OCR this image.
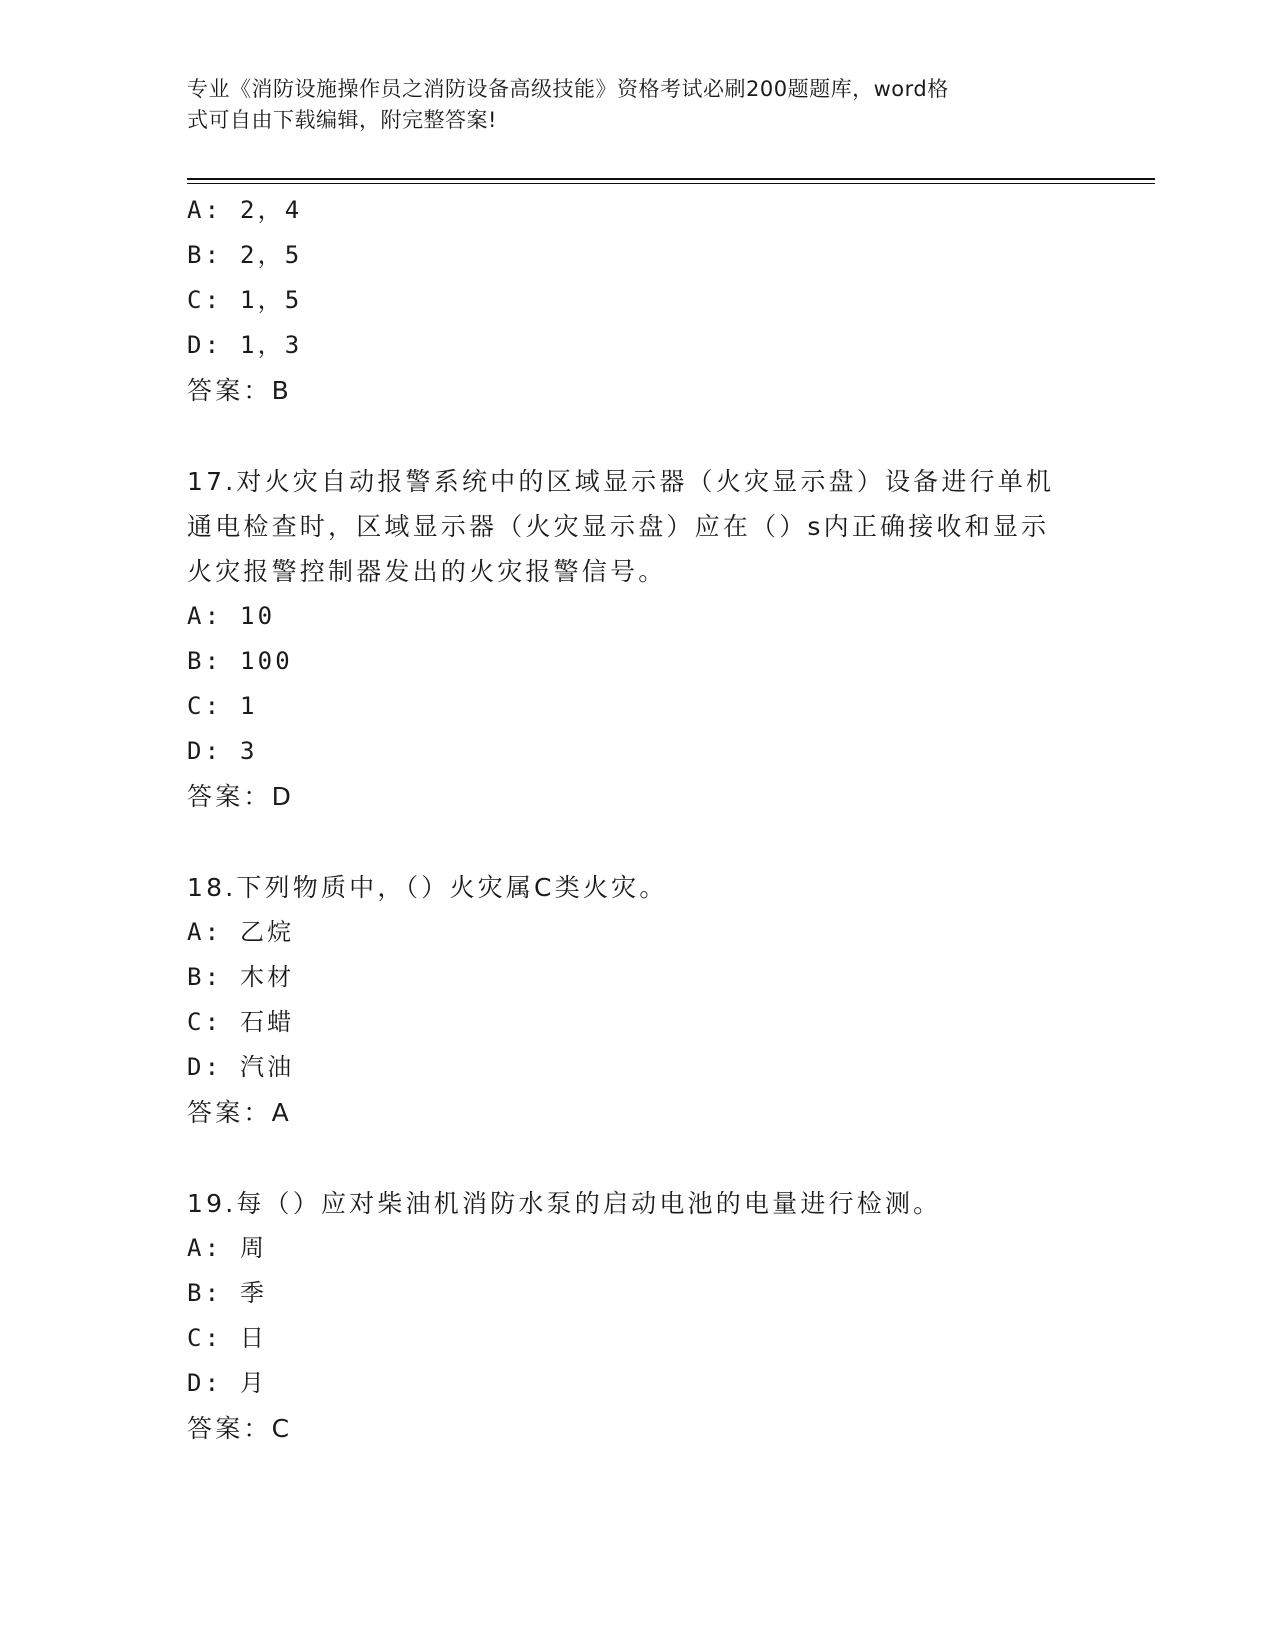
专业《消防设施操作员之消防设备高级技能》资格考试必刷200题题库，word格
式可自由下载编辑，附完整答案!
A: 2，4
B: 2，5
C: 1，5
D: 1，3
答案：B
17.对火灾自动报警系统中的区域显示器（火灾显示盘）设备进行单机
通电检查时，区域显示器（火灾显示盘）应在（）s内正确接收和显示
火灾报警控制器发出的火灾报警信号。
A: 10
B: 100
C: 1
D: 3
答案：D
18.下列物质中，（）火灾属C类火灾。
A: 乙烷
B: 木材
C: 石蜡
D: 汽油
答案：A
19.每（）应对柴油机消防水泵的启动电池的电量进行检测。
A: 周
B: 季
C: 日
D: 月
答案：C
